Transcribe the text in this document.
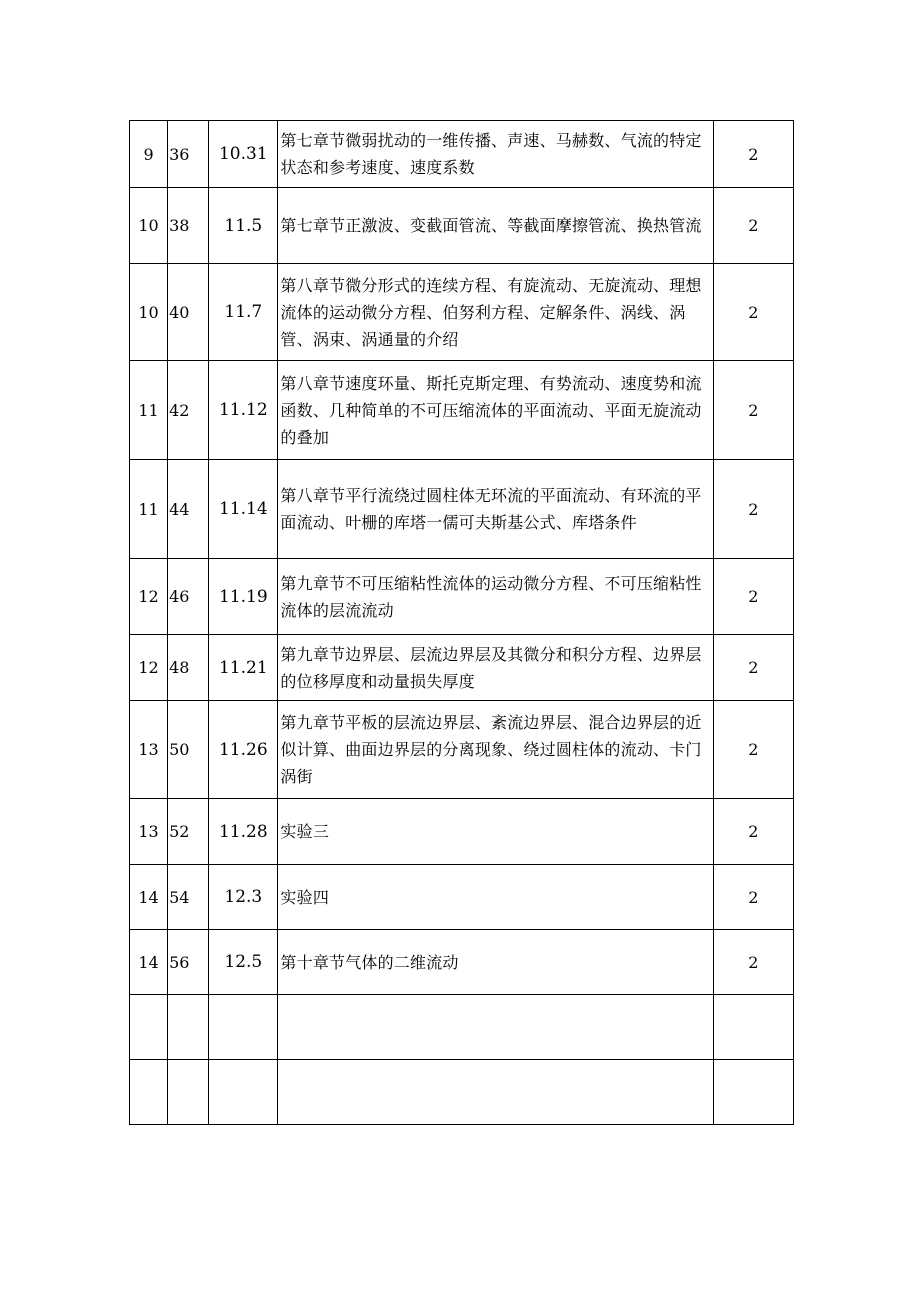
9	36	10.31	第七章节微弱扰动的一维传播、声速、马赫数、气流的特定状态和参考速度、速度系数	2
10	38	11.5	第七章节正激波、变截面管流、等截面摩擦管流、换热管流	2
10	40	11.7	第八章节微分形式的连续方程、有旋流动、无旋流动、理想流体的运动微分方程、伯努利方程、定解条件、涡线、涡管、涡束、涡通量的介绍	2
11	42	11.12	第八章节速度环量、斯托克斯定理、有势流动、速度势和流函数、几种简单的不可压缩流体的平面流动、平面无旋流动的叠加	2
11	44	11.14	第八章节平行流绕过圆柱体无环流的平面流动、有环流的平面流动、叶栅的库塔一儒可夫斯基公式、库塔条件	2
12	46	11.19	第九章节不可压缩粘性流体的运动微分方程、不可压缩粘性流体的层流流动	2
12	48	11.21	第九章节边界层、层流边界层及其微分和积分方程、边界层的位移厚度和动量损失厚度	2
13	50	11.26	第九章节平板的层流边界层、紊流边界层、混合边界层的近似计算、曲面边界层的分离现象、绕过圆柱体的流动、卡门涡街	2
13	52	11.28	实验三	2
14	54	12.3	实验四	2
14	56	12.5	第十章节气体的二维流动	2
